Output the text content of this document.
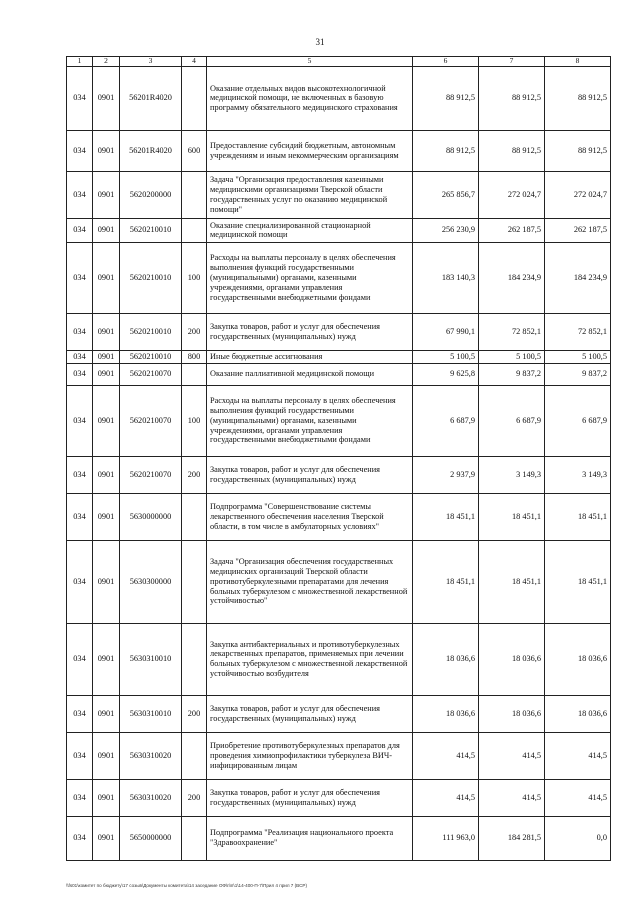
31
1	2	3	4	5	6	7	8
034	0901	56201R4020		Оказание отдельных видов высокотехнологичной медицинской помощи, не включенных в базовую программу обязательного медицинского страхования	88 912,5	88 912,5	88 912,5
034	0901	56201R4020	600	Предоставление субсидий бюджетным, автономным учреждениям и иным некоммерческим организациям	88 912,5	88 912,5	88 912,5
034	0901	5620200000		Задача "Организация предоставления казенными медицинскими организациями Тверской области государственных услуг по оказанию медицинской помощи"	265 856,7	272 024,7	272 024,7
034	0901	5620210010		Оказание специализированной стационарной медицинской помощи	256 230,9	262 187,5	262 187,5
034	0901	5620210010	100	Расходы на выплаты персоналу в целях обеспечения выполнения функций государственными (муниципальными) органами, казенными учреждениями, органами управления государственными внебюджетными фондами	183 140,3	184 234,9	184 234,9
034	0901	5620210010	200	Закупка товаров, работ и услуг для обеспечения государственных (муниципальных) нужд	67 990,1	72 852,1	72 852,1
034	0901	5620210010	800	Иные бюджетные ассигнования	5 100,5	5 100,5	5 100,5
034	0901	5620210070		Оказание паллиативной медицинской помощи	9 625,8	9 837,2	9 837,2
034	0901	5620210070	100	Расходы на выплаты персоналу в целях обеспечения выполнения функций государственными (муниципальными) органами, казенными учреждениями, органами управления государственными внебюджетными фондами	6 687,9	6 687,9	6 687,9
034	0901	5620210070	200	Закупка товаров, работ и услуг для обеспечения государственных (муниципальных) нужд	2 937,9	3 149,3	3 149,3
034	0901	5630000000		Подпрограмма "Совершенствование системы лекарственного обеспечения населения Тверской области, в том числе в амбулаторных условиях"	18 451,1	18 451,1	18 451,1
034	0901	5630300000		Задача "Организация обеспечения государственных медицинских организаций Тверской области противотуберкулезными препаратами для лечения больных туберкулезом с множественной лекарственной устойчивостью"	18 451,1	18 451,1	18 451,1
034	0901	5630310010		Закупка антибактериальных и противотуберкулезных лекарственных препаратов, применяемых при лечении больных туберкулезом с множественной лекарственной устойчивостью возбудителя	18 036,6	18 036,6	18 036,6
034	0901	5630310010	200	Закупка товаров, работ и услуг для обеспечения государственных (муниципальных) нужд	18 036,6	18 036,6	18 036,6
034	0901	5630310020		Приобретение противотуберкулезных препаратов для проведения химиопрофилактики туберкулеза ВИЧ-инфицированным лицам	414,5	414,5	414,5
034	0901	5630310020	200	Закупка товаров, работ и услуг для обеспечения государственных (муниципальных) нужд	414,5	414,5	414,5
034	0901	5650000000		Подпрограмма "Реализация национального проекта "Здравоохранение"	111 963,0	184 281,5	0,0
\\fs01\комитет по бюджету\17 созыв\Документы комитета\14 заседание ОФ\п\п\1\14-400-П-7\Прил 4 прил 7 (ВСР)
